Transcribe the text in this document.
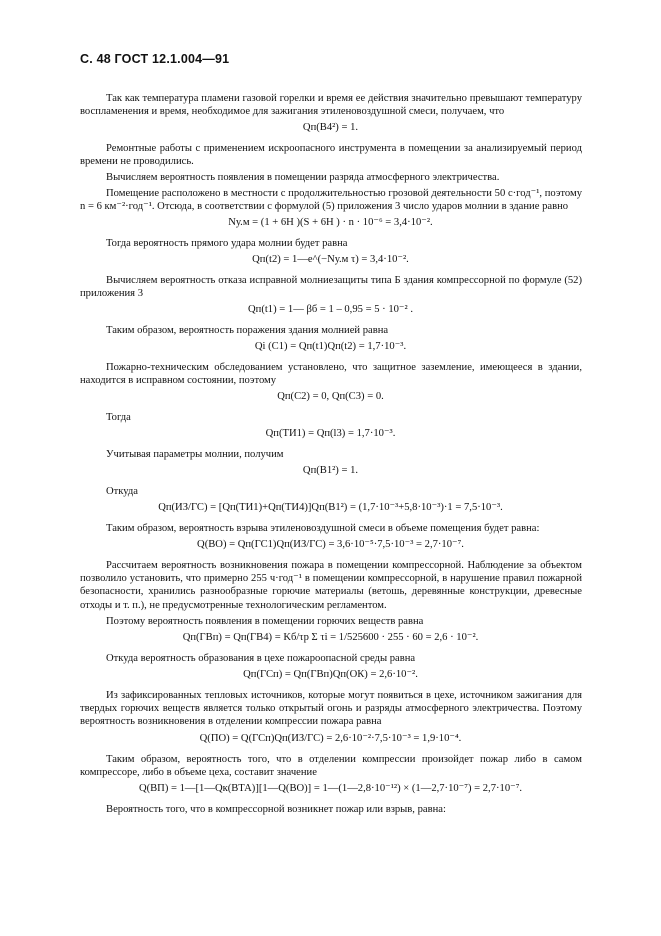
С. 48 ГОСТ 12.1.004—91
Так как температура пламени газовой горелки и время ее действия значительно превышают температуру воспламенения и время, необходимое для зажигания этиленовоздушной смеси, получаем, что
Qп(B4²) = 1.
Ремонтные работы с применением искроопасного инструмента в помещении за анализируемый период времени не проводились.
Вычисляем вероятность появления в помещении разряда атмосферного электричества.
Помещение расположено в местности с продолжительностью грозовой деятельности 50 с·год⁻¹, поэтому n = 6 км⁻²·год⁻¹. Отсюда, в соответствии с формулой (5) приложения 3 число ударов молнии в здание равно
Nу.м = (1 + 6H )(S + 6H ) · n · 10⁻⁶ = 3,4·10⁻².
Тогда вероятность прямого удара молнии будет равна
Qп(t2) = 1—e^(−Nу.м τ) = 3,4·10⁻².
Вычисляем вероятность отказа исправной молниезащиты типа Б здания компрессорной по формуле (52) приложения 3
Qп(t1) = 1— βб = 1 – 0,95 = 5 · 10⁻² .
Таким образом, вероятность поражения здания молнией равна
Qi (C1) = Qп(t1)Qп(t2) = 1,7·10⁻³.
Пожарно-техническим обследованием установлено, что защитное заземление, имеющееся в здании, находится в исправном состоянии, поэтому
Qп(C2) = 0, Qп(C3) = 0.
Тогда
Qп(ТИ1) = Qп(l3) = 1,7·10⁻³.
Учитывая параметры молнии, получим
Qп(B1²) = 1.
Откуда
Qп(ИЗ/ГС) = [Qп(ТИ1)+Qп(ТИ4)]Qп(B1²) = (1,7·10⁻³+5,8·10⁻³)·1 = 7,5·10⁻³.
Таким образом, вероятность взрыва этиленовоздушной смеси в объеме помещения будет равна:
Q(ВО) = Qп(ГС1)Qп(ИЗ/ГС) = 3,6·10⁻⁵·7,5·10⁻³ = 2,7·10⁻⁷.
Рассчитаем вероятность возникновения пожара в помещении компрессорной. Наблюдение за объектом позволило установить, что примерно 255 ч·год⁻¹ в помещении компрессорной, в нарушение правил пожарной безопасности, хранились разнообразные горючие материалы (ветошь, деревянные конструкции, древесные отходы и т. п.), не предусмотренные технологическим регламентом.
Поэтому вероятность появления в помещении горючих веществ равна
Qп(ГВп) = Qп(ГВ4) = Kб/τр Σ τi = 1/525600 · 255 · 60 = 2,6 · 10⁻².
Откуда вероятность образования в цехе пожароопасной среды равна
Qп(ГСп) = Qп(ГВп)Qп(ОК) = 2,6·10⁻².
Из зафиксированных тепловых источников, которые могут появиться в цехе, источником зажигания для твердых горючих веществ является только открытый огонь и разряды атмосферного электричества. Поэтому вероятность возникновения в отделении компрессии пожара равна
Q(ПО) = Q(ГСп)Qп(ИЗ/ГС) = 2,6·10⁻²·7,5·10⁻³ = 1,9·10⁻⁴.
Таким образом, вероятность того, что в отделении компрессии произойдет пожар либо в самом компрессоре, либо в объеме цеха, составит значение
Q(ВП) = 1—[1—Qк(ВТА)][1—Q(ВО)] = 1—(1—2,8·10⁻¹²) × (1—2,7·10⁻⁷) = 2,7·10⁻⁷.
Вероятность того, что в компрессорной возникнет пожар или взрыв, равна:
